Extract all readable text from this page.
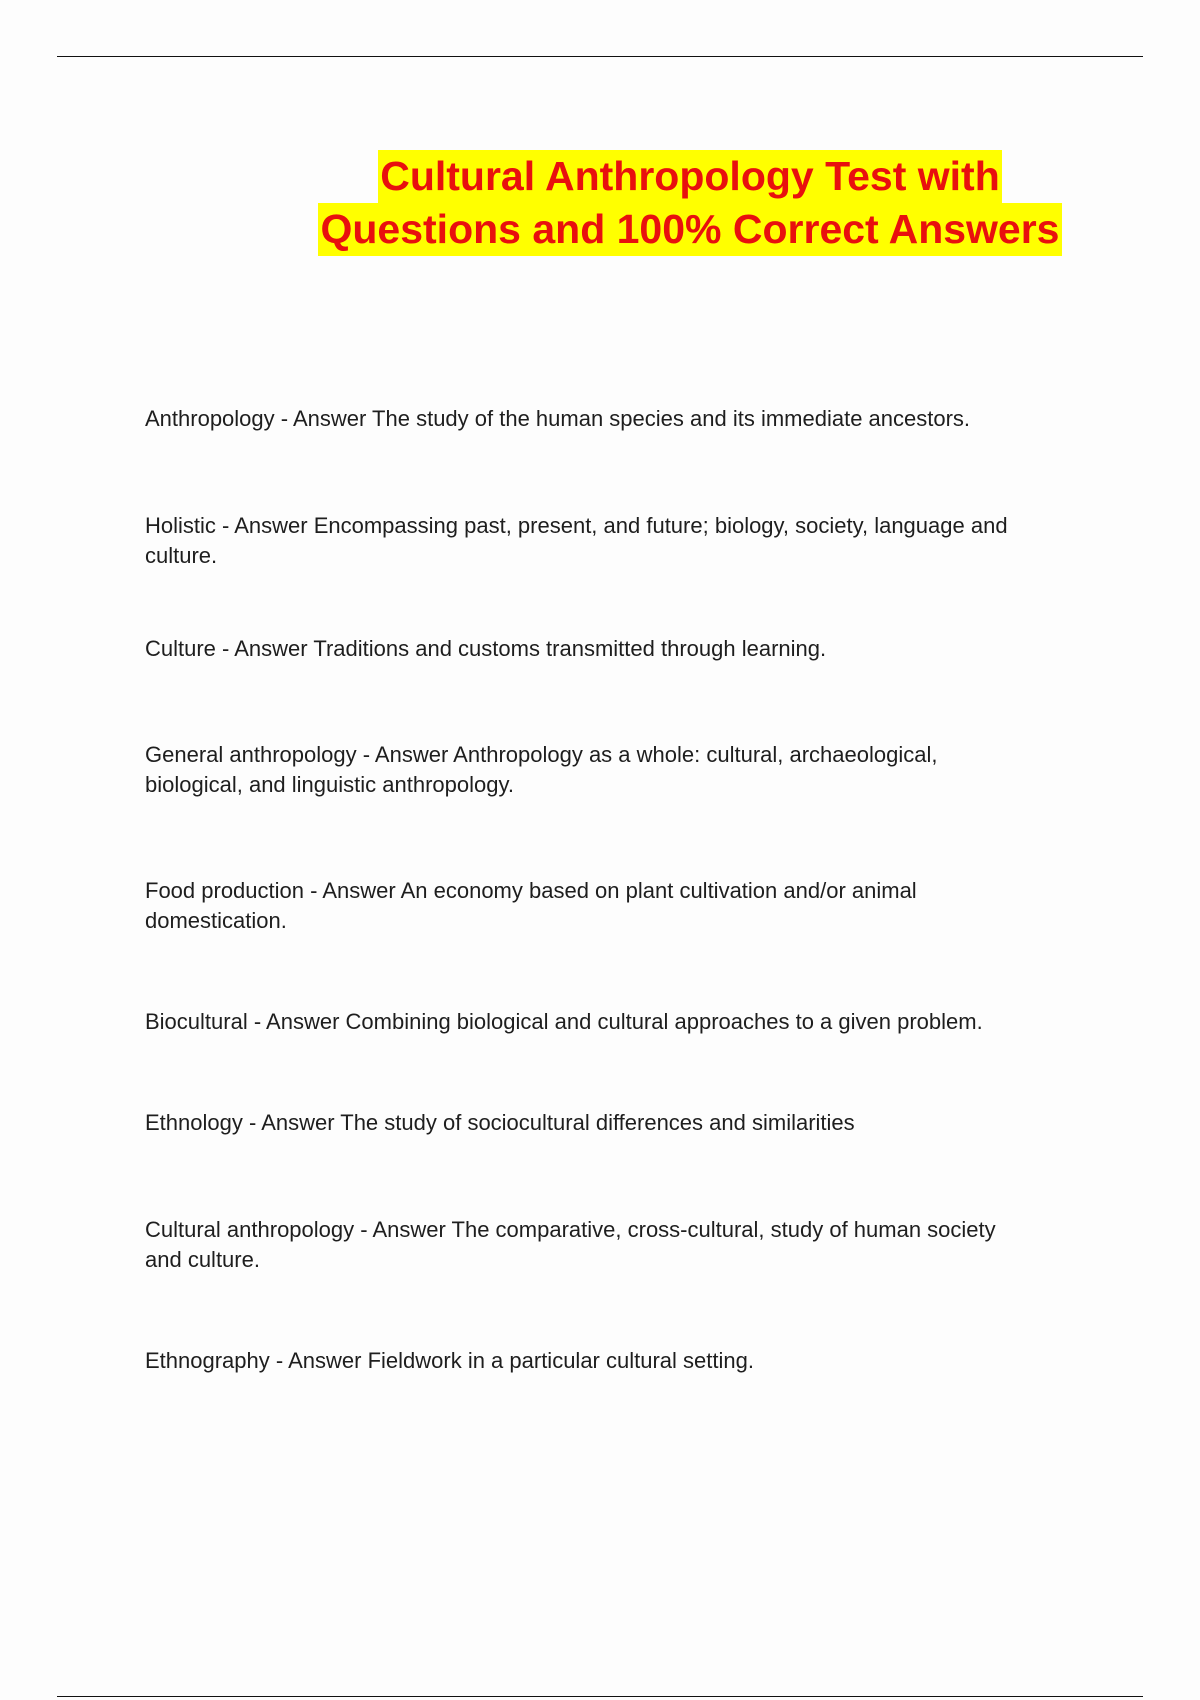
Cultural Anthropology Test with
Questions and 100% Correct Answers
Anthropology - Answer The study of the human species and its immediate ancestors.
Holistic - Answer Encompassing past, present, and future; biology, society, language and culture.
Culture - Answer Traditions and customs transmitted through learning.
General anthropology - Answer Anthropology as a whole: cultural, archaeological, biological, and linguistic anthropology.
Food production - Answer An economy based on plant cultivation and/or animal domestication.
Biocultural - Answer Combining biological and cultural approaches to a given problem.
Ethnology - Answer The study of sociocultural differences and similarities
Cultural anthropology - Answer The comparative, cross-cultural, study of human society and culture.
Ethnography - Answer Fieldwork in a particular cultural setting.
